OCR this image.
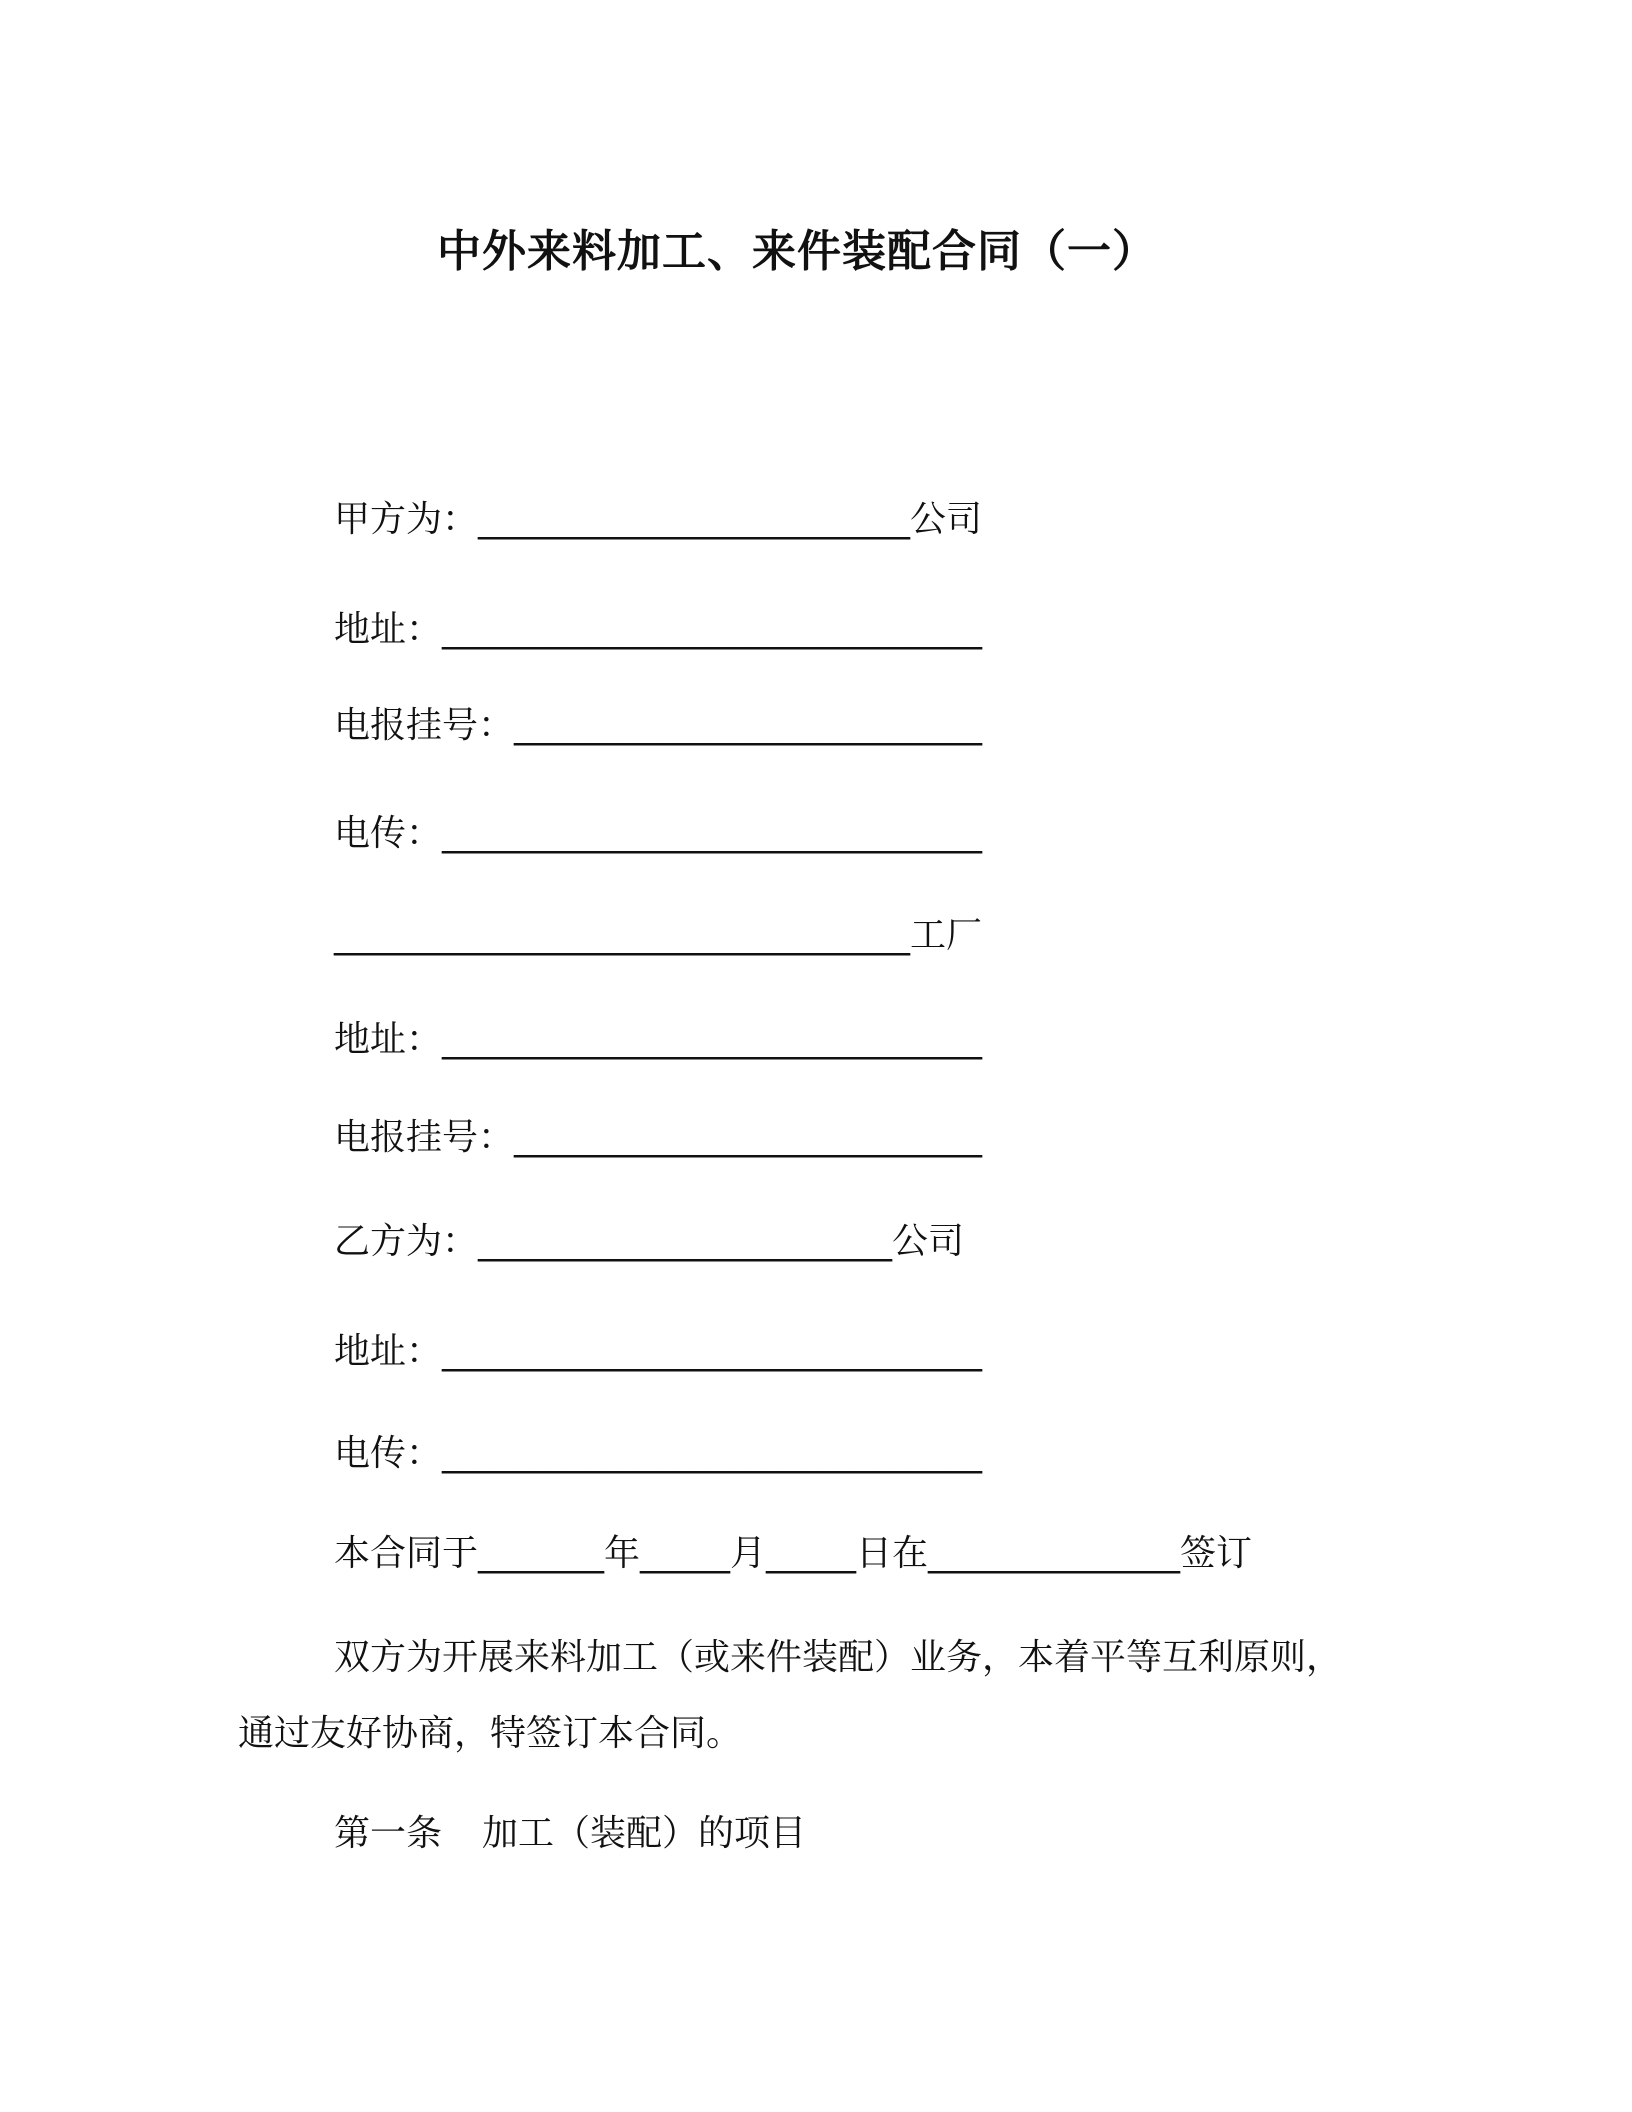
中外来料加工、来件装配合同（一）
甲方为：________________________公司
地址：______________________________
电报挂号：__________________________
电传：______________________________
________________________________工厂
地址：______________________________
电报挂号：__________________________
乙方为：_______________________公司
地址：______________________________
电传：______________________________
本合同于_______年_____月_____日在______________签订
双方为开展来料加工（或来件装配）业务，本着平等互利原则，通过友好协商，特签订本合同。
第一条 加工（装配）的项目
